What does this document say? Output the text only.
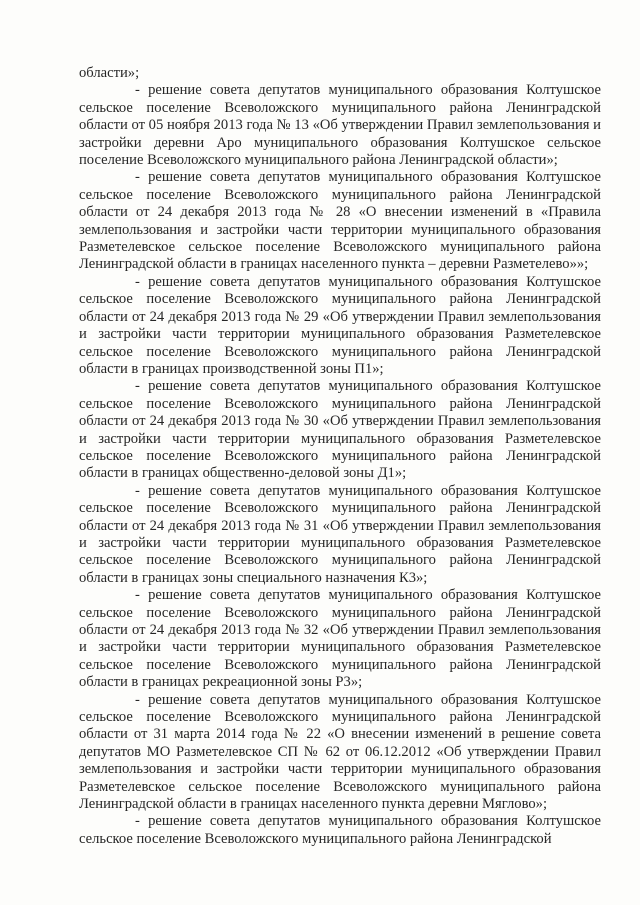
области»;

- решение совета депутатов муниципального образования Колтушское сельское поселение Всеволожского муниципального района Ленинградской области от 05 ноября 2013 года № 13 «Об утверждении Правил землепользования и застройки деревни Аро муниципального образования Колтушское сельское поселение Всеволожского муниципального района Ленинградской области»;

- решение совета депутатов муниципального образования Колтушское сельское поселение Всеволожского муниципального района Ленинградской области от 24 декабря 2013 года № 28 «О внесении изменений в «Правила землепользования и застройки части территории муниципального образования Разметелевское сельское поселение Всеволожского муниципального района Ленинградской области в границах населенного пункта – деревни Разметелево»»;

- решение совета депутатов муниципального образования Колтушское сельское поселение Всеволожского муниципального района Ленинградской области от 24 декабря 2013 года № 29 «Об утверждении Правил землепользования и застройки части территории муниципального образования Разметелевское сельское поселение Всеволожского муниципального района Ленинградской области в границах производственной зоны П1»;

- решение совета депутатов муниципального образования Колтушское сельское поселение Всеволожского муниципального района Ленинградской области от 24 декабря 2013 года № 30 «Об утверждении Правил землепользования и застройки части территории муниципального образования Разметелевское сельское поселение Всеволожского муниципального района Ленинградской области в границах общественно-деловой зоны Д1»;

- решение совета депутатов муниципального образования Колтушское сельское поселение Всеволожского муниципального района Ленинградской области от 24 декабря 2013 года № 31 «Об утверждении Правил землепользования и застройки части территории муниципального образования Разметелевское сельское поселение Всеволожского муниципального района Ленинградской области в границах зоны специального назначения К3»;

- решение совета депутатов муниципального образования Колтушское сельское поселение Всеволожского муниципального района Ленинградской области от 24 декабря 2013 года № 32 «Об утверждении Правил землепользования и застройки части территории муниципального образования Разметелевское сельское поселение Всеволожского муниципального района Ленинградской области в границах рекреационной зоны Р3»;

- решение совета депутатов муниципального образования Колтушское сельское поселение Всеволожского муниципального района Ленинградской области от 31 марта 2014 года № 22 «О внесении изменений в решение совета депутатов МО Разметелевское СП № 62 от 06.12.2012 «Об утверждении Правил землепользования и застройки части территории муниципального образования Разметелевское сельское поселение Всеволожского муниципального района Ленинградской области в границах населенного пункта деревни Мяглово»;

- решение совета депутатов муниципального образования Колтушское сельское поселение Всеволожского муниципального района Ленинградской
